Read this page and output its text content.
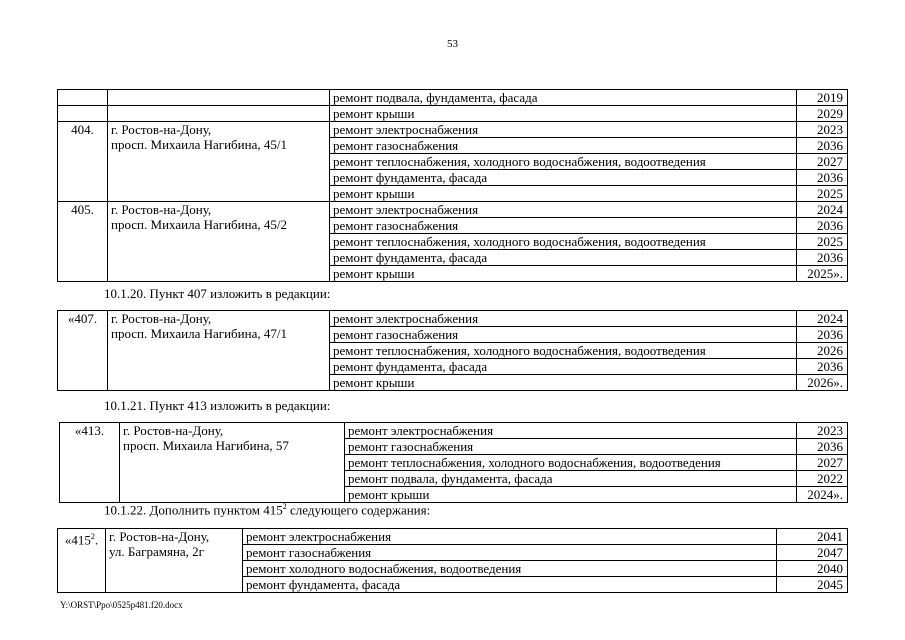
53
		ремонт подвала, фундамента, фасада	2019
		ремонт крыши	2029
404.	г. Ростов-на-Дону,
просп. Михаила Нагибина, 45/1	ремонт электроснабжения	2023
		ремонт газоснабжения	2036
		ремонт теплоснабжения, холодного водоснабжения, водоотведения	2027
		ремонт фундамента, фасада	2036
		ремонт крыши	2025
405.	г. Ростов-на-Дону,
просп. Михаила Нагибина, 45/2	ремонт электроснабжения	2024
		ремонт газоснабжения	2036
		ремонт теплоснабжения, холодного водоснабжения, водоотведения	2025
		ремонт фундамента, фасада	2036
		ремонт крыши	2025».
10.1.20. Пункт 407 изложить в редакции:
«407.	г. Ростов-на-Дону,
просп. Михаила Нагибина, 47/1	ремонт электроснабжения	2024
		ремонт газоснабжения	2036
		ремонт теплоснабжения, холодного водоснабжения, водоотведения	2026
		ремонт фундамента, фасада	2036
		ремонт крыши	2026».
10.1.21. Пункт 413 изложить в редакции:
«413.	г. Ростов-на-Дону,
просп. Михаила Нагибина, 57	ремонт электроснабжения	2023
		ремонт газоснабжения	2036
		ремонт теплоснабжения, холодного водоснабжения, водоотведения	2027
		ремонт подвала, фундамента, фасада	2022
		ремонт крыши	2024».
10.1.22. Дополнить пунктом $415^2$ следующего содержания:
«$415^2$.	г. Ростов-на-Дону,
ул. Баграмяна, 2г	ремонт электроснабжения	2041
		ремонт газоснабжения	2047
		ремонт холодного водоснабжения, водоотведения	2040
		ремонт фундамента, фасада	2045
Y:\ORST\Ppo\0525p481.f20.docx
